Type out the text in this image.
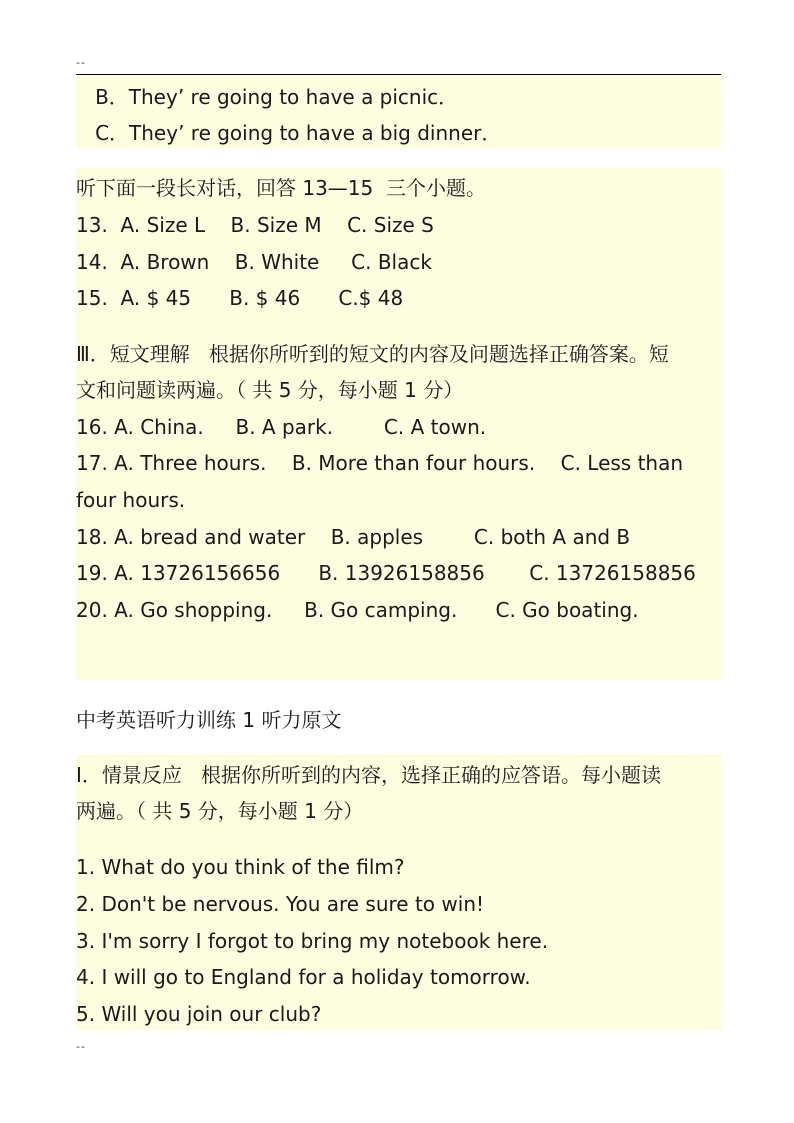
--
B．They’ re going to have a picnic．
C．They’ re going to have a big dinner．
听下面一段长对话，回答 13—15  三个小题。
13.  A. Size L    B. Size M    C. Size S
14.  A. Brown    B. White     C. Black
15.  A. $ 45      B. $ 46      C.$ 48
Ⅲ．短文理解   根据你所听到的短文的内容及问题选择正确答案。短
文和问题读两遍。（ 共 5 分，每小题 1 分）
16. A. China.     B. A park.        C. A town.
17. A. Three hours.    B. More than four hours.    C. Less than
four hours.
18. A. bread and water    B. apples        C. both A and B
19. A. 13726156656      B. 13926158856       C. 13726158856
20. A. Go shopping.     B. Go camping.      C. Go boating.
中考英语听力训练 1 听力原文
Ⅰ．情景反应   根据你所听到的内容，选择正确的应答语。每小题读
两遍。（ 共 5 分，每小题 1 分）
1. What do you think of the film?
2. Don't be nervous. You are sure to win!
3. I'm sorry I forgot to bring my notebook here.
4. I will go to England for a holiday tomorrow.
5. Will you join our club?
--
